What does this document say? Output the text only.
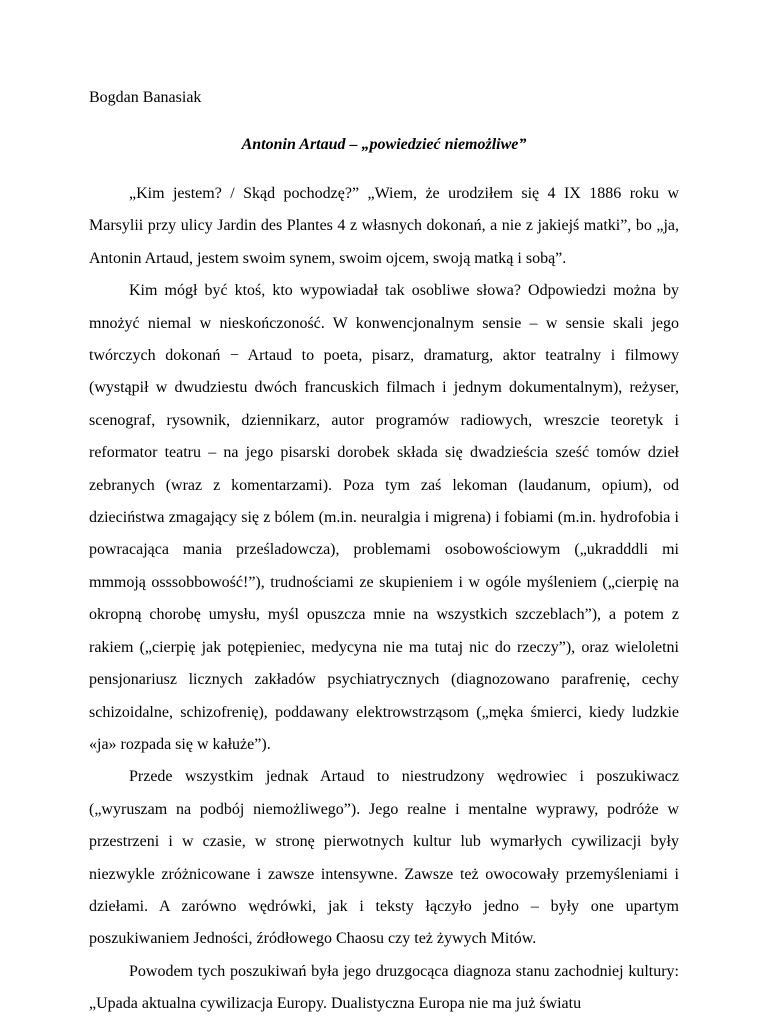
Bogdan Banasiak

Antonin Artaud – „powiedzieć niemożliwe”

„Kim jestem? / Skąd pochodzę?” „Wiem, że urodziłem się 4 IX 1886 roku w Marsylii przy ulicy Jardin des Plantes 4 z własnych dokonań, a nie z jakiejś matki”, bo „ja, Antonin Artaud, jestem swoim synem, swoim ojcem, swoją matką i sobą”.

Kim mógł być ktoś, kto wypowiadał tak osobliwe słowa? Odpowiedzi można by mnożyć niemal w nieskończoność. W konwencjonalnym sensie – w sensie skali jego twórczych dokonań − Artaud to poeta, pisarz, dramaturg, aktor teatralny i filmowy (wystąpił w dwudziestu dwóch francuskich filmach i jednym dokumentalnym), reżyser, scenograf, rysownik, dziennikarz, autor programów radiowych, wreszcie teoretyk i reformator teatru – na jego pisarski dorobek składa się dwadzieścia sześć tomów dzieł zebranych (wraz z komentarzami). Poza tym zaś lekoman (laudanum, opium), od dzieciństwa zmagający się z bólem (m.in. neuralgia i migrena) i fobiami (m.in. hydrofobia i powracająca mania prześladowcza), problemami osobowościowym („ukradddli mi mmmoją osssobbowość!”), trudnościami ze skupieniem i w ogóle myśleniem („cierpię na okropną chorobę umysłu, myśl opuszcza mnie na wszystkich szczeblach”), a potem z rakiem („cierpię jak potępieniec, medycyna nie ma tutaj nic do rzeczy”), oraz wieloletni pensjonariusz licznych zakładów psychiatrycznych (diagnozowano parafrenię, cechy schizoidalne, schizofrenię), poddawany elektrowstrząsom („męka śmierci, kiedy ludzkie «ja» rozpada się w kałuże”).

Przede wszystkim jednak Artaud to niestrudzony wędrowiec i poszukiwacz („wyruszam na podbój niemożliwego”). Jego realne i mentalne wyprawy, podróże w przestrzeni i w czasie, w stronę pierwotnych kultur lub wymarłych cywilizacji były niezwykle zróżnicowane i zawsze intensywne. Zawsze też owocowały przemyśleniami i dziełami. A zarówno wędrówki, jak i teksty łączyło jedno – były one upartym poszukiwaniem Jedności, źródłowego Chaosu czy też żywych Mitów.

Powodem tych poszukiwań była jego druzgocąca diagnoza stanu zachodniej kultury: „Upada aktualna cywilizacja Europy. Dualistyczna Europa nie ma już światu
